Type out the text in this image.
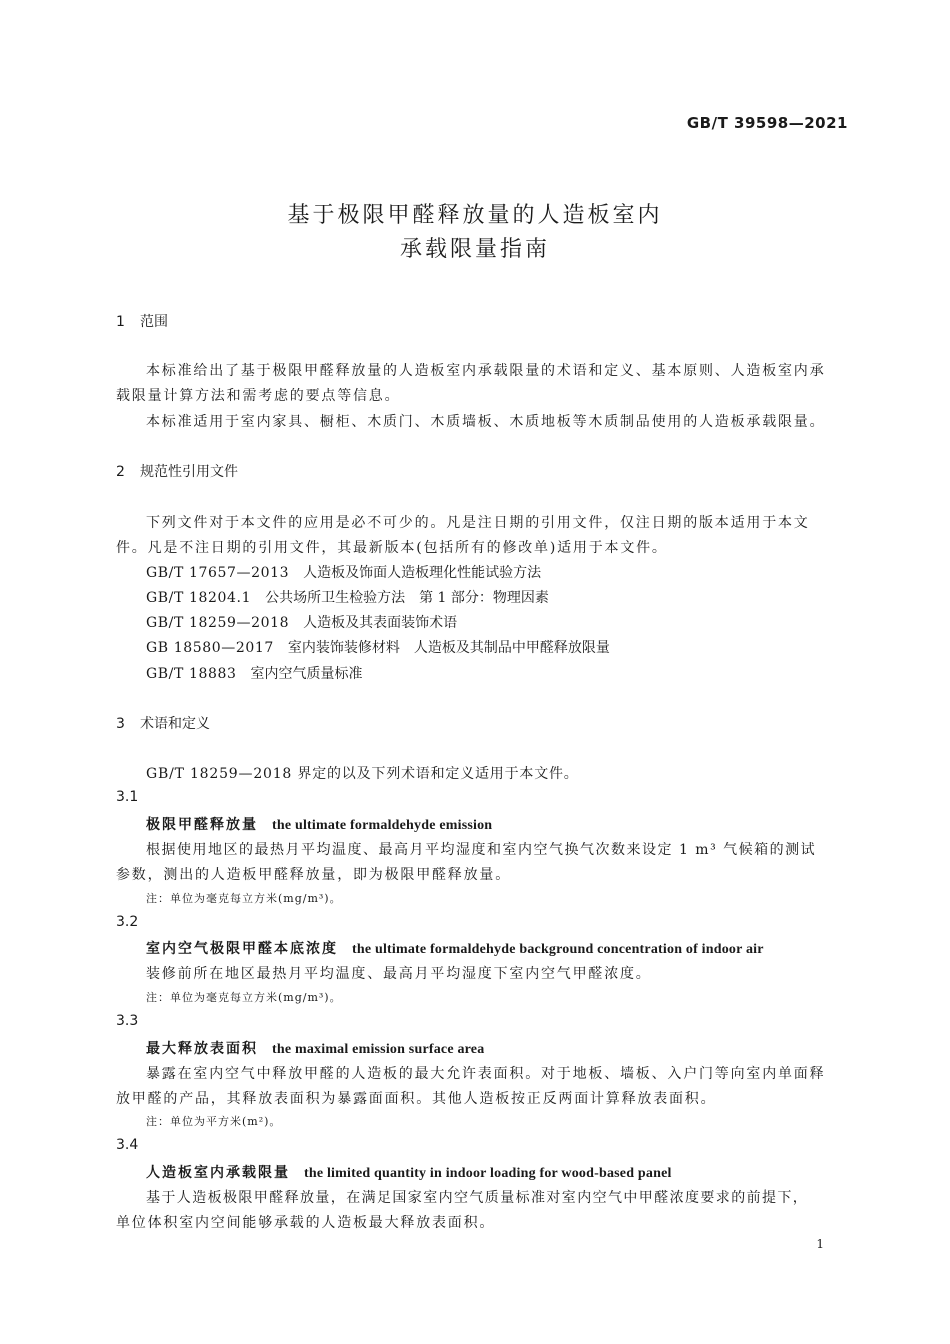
GB/T 39598—2021
基于极限甲醛释放量的人造板室内
承载限量指南
1 范围
本标准给出了基于极限甲醛释放量的人造板室内承载限量的术语和定义、基本原则、人造板室内承
载限量计算方法和需考虑的要点等信息。
本标准适用于室内家具、橱柜、木质门、木质墙板、木质地板等木质制品使用的人造板承载限量。
2 规范性引用文件
下列文件对于本文件的应用是必不可少的。凡是注日期的引用文件，仅注日期的版本适用于本文
件。凡是不注日期的引用文件，其最新版本(包括所有的修改单)适用于本文件。
GB/T 17657—2013 人造板及饰面人造板理化性能试验方法
GB/T 18204.1 公共场所卫生检验方法　第 1 部分：物理因素
GB/T 18259—2018 人造板及其表面装饰术语
GB 18580—2017 室内装饰装修材料　人造板及其制品中甲醛释放限量
GB/T 18883 室内空气质量标准
3 术语和定义
GB/T 18259—2018 界定的以及下列术语和定义适用于本文件。
3.1
极限甲醛释放量 the ultimate formaldehyde emission
根据使用地区的最热月平均温度、最高月平均湿度和室内空气换气次数来设定 1 m³ 气候箱的测试
参数，测出的人造板甲醛释放量，即为极限甲醛释放量。
注：单位为毫克每立方米(mg/m³)。
3.2
室内空气极限甲醛本底浓度 the ultimate formaldehyde background concentration of indoor air
装修前所在地区最热月平均温度、最高月平均湿度下室内空气甲醛浓度。
注：单位为毫克每立方米(mg/m³)。
3.3
最大释放表面积 the maximal emission surface area
暴露在室内空气中释放甲醛的人造板的最大允许表面积。对于地板、墙板、入户门等向室内单面释
放甲醛的产品，其释放表面积为暴露面面积。其他人造板按正反两面计算释放表面积。
注：单位为平方米(m²)。
3.4
人造板室内承载限量 the limited quantity in indoor loading for wood-based panel
基于人造板极限甲醛释放量，在满足国家室内空气质量标准对室内空气中甲醛浓度要求的前提下，
单位体积室内空间能够承载的人造板最大释放表面积。
1
